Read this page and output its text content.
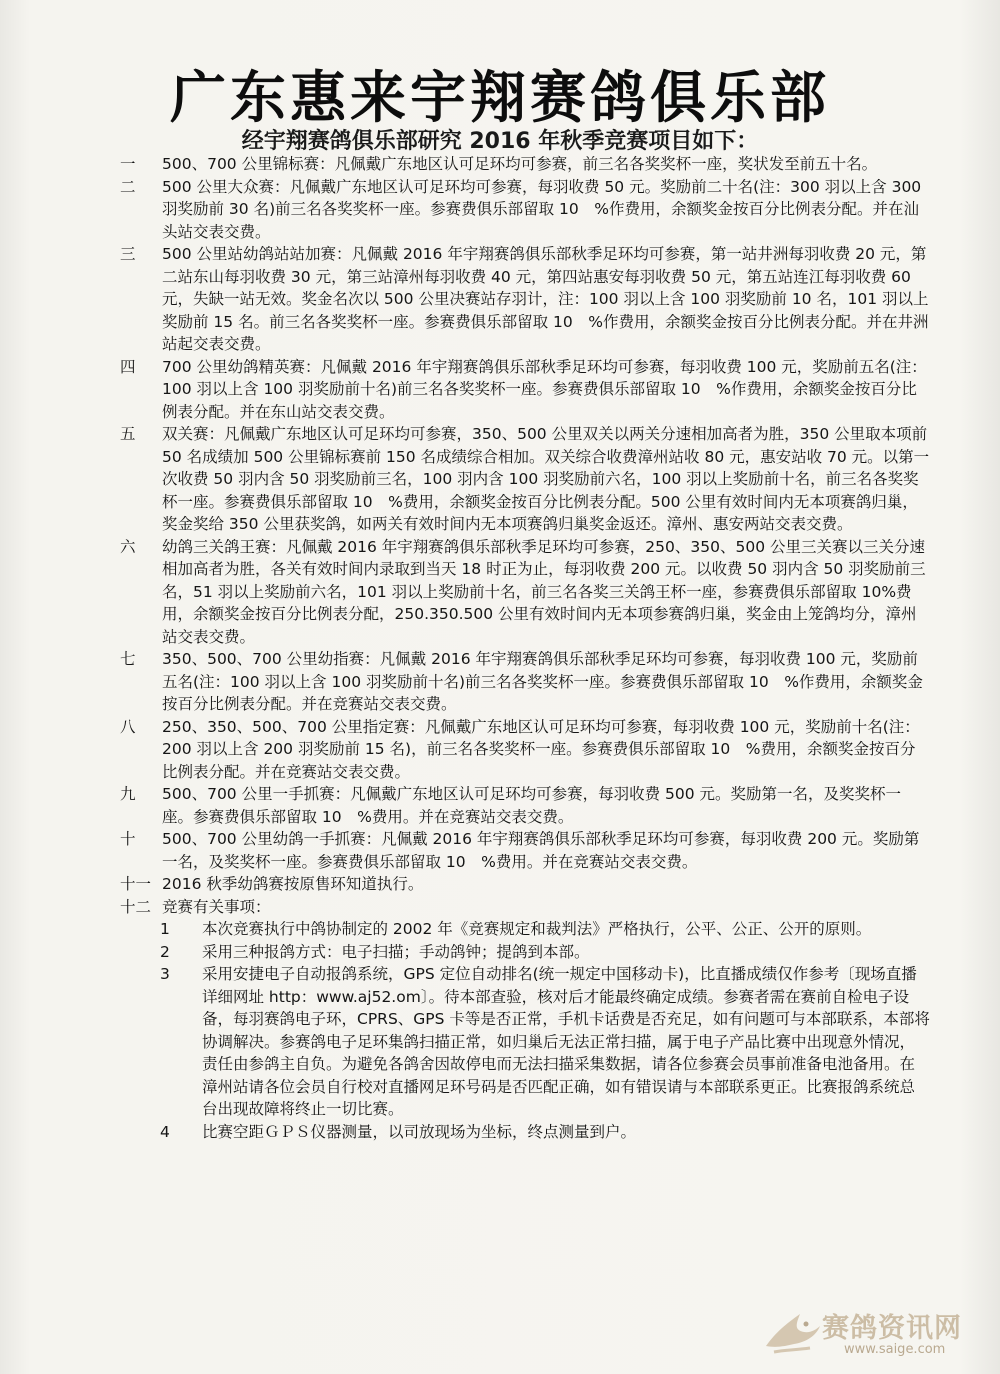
广东惠来宇翔赛鸽俱乐部
经宇翔赛鸽俱乐部研究 2016 年秋季竞赛项目如下：
一 500、700 公里锦标赛：凡佩戴广东地区认可足环均可参赛，前三名各奖奖杯一座，奖状发至前五十名。
二 500 公里大众赛：凡佩戴广东地区认可足环均可参赛，每羽收费 50 元。奖励前二十名(注：300 羽以上含 300 羽奖励前 30 名)前三名各奖奖杯一座。参赛费俱乐部留取 10　%作费用，余额奖金按百分比例表分配。并在汕头站交表交费。
三 500 公里站幼鸽站站加赛：凡佩戴 2016 年宇翔赛鸽俱乐部秋季足环均可参赛，第一站井洲每羽收费 20 元，第二站东山每羽收费 30 元，第三站漳州每羽收费 40 元，第四站惠安每羽收费 50 元，第五站连江每羽收费 60 元，失缺一站无效。奖金名次以 500 公里决赛站存羽计，注：100 羽以上含 100 羽奖励前 10 名，101 羽以上奖励前 15 名。前三名各奖奖杯一座。参赛费俱乐部留取 10　%作费用，余额奖金按百分比例表分配。并在井洲站起交表交费。
四 700 公里幼鸽精英赛：凡佩戴 2016 年宇翔赛鸽俱乐部秋季足环均可参赛，每羽收费 100 元，奖励前五名(注：100 羽以上含 100 羽奖励前十名)前三名各奖奖杯一座。参赛费俱乐部留取 10　%作费用，余额奖金按百分比例表分配。并在东山站交表交费。
五 双关赛：凡佩戴广东地区认可足环均可参赛，350、500 公里双关以两关分速相加高者为胜，350 公里取本项前 50 名成绩加 500 公里锦标赛前 150 名成绩综合相加。双关综合收费漳州站收 80 元，惠安站收 70 元。以第一次收费 50 羽内含 50 羽奖励前三名，100 羽内含 100 羽奖励前六名，100 羽以上奖励前十名，前三名各奖奖杯一座。参赛费俱乐部留取 10　%费用，余额奖金按百分比例表分配。500 公里有效时间内无本项赛鸽归巢，奖金奖给 350 公里获奖鸽，如两关有效时间内无本项赛鸽归巢奖金返还。漳州、惠安两站交表交费。
六 幼鸽三关鸽王赛：凡佩戴 2016 年宇翔赛鸽俱乐部秋季足环均可参赛，250、350、500 公里三关赛以三关分速相加高者为胜，各关有效时间内录取到当天 18 时正为止，每羽收费 200 元。以收费 50 羽内含 50 羽奖励前三名，51 羽以上奖励前六名，101 羽以上奖励前十名，前三名各奖三关鸽王杯一座，参赛费俱乐部留取 10%费用，余额奖金按百分比例表分配，250.350.500 公里有效时间内无本项参赛鸽归巢，奖金由上笼鸽均分，漳州站交表交费。
七 350、500、700 公里幼指赛：凡佩戴 2016 年宇翔赛鸽俱乐部秋季足环均可参赛，每羽收费 100 元，奖励前五名(注：100 羽以上含 100 羽奖励前十名)前三名各奖奖杯一座。参赛费俱乐部留取 10　%作费用，余额奖金按百分比例表分配。并在竞赛站交表交费。
八 250、350、500、700 公里指定赛：凡佩戴广东地区认可足环均可参赛，每羽收费 100 元，奖励前十名(注：200 羽以上含 200 羽奖励前 15 名)，前三名各奖奖杯一座。参赛费俱乐部留取 10　%费用，余额奖金按百分比例表分配。并在竞赛站交表交费。
九 500、700 公里一手抓赛：凡佩戴广东地区认可足环均可参赛，每羽收费 500 元。奖励第一名，及奖奖杯一座。参赛费俱乐部留取 10　%费用。并在竞赛站交表交费。
十 500、700 公里幼鸽一手抓赛：凡佩戴 2016 年宇翔赛鸽俱乐部秋季足环均可参赛，每羽收费 200 元。奖励第一名，及奖奖杯一座。参赛费俱乐部留取 10　%费用。并在竞赛站交表交费。
十一 2016 秋季幼鸽赛按原售环知道执行。
十二 竞赛有关事项：
1 本次竞赛执行中鸽协制定的 2002 年《竞赛规定和裁判法》严格执行，公平、公正、公开的原则。
2 采用三种报鸽方式：电子扫描；手动鸽钟；提鸽到本部。
3 采用安捷电子自动报鸽系统，GPS 定位自动排名(统一规定中国移动卡)，比直播成绩仅作参考〔现场直播详细网址 http：www.aj52.om〕。待本部查验，核对后才能最终确定成绩。参赛者需在赛前自检电子设备，每羽赛鸽电子环，CPRS、GPS 卡等是否正常，手机卡话费是否充足，如有问题可与本部联系，本部将协调解决。参赛鸽电子足环集鸽扫描正常，如归巢后无法正常扫描，属于电子产品比赛中出现意外情况，责任由参鸽主自负。为避免各鸽舍因故停电而无法扫描采集数据，请各位参赛会员事前准备电池备用。在漳州站请各位会员自行校对直播网足环号码是否匹配正确，如有错误请与本部联系更正。比赛报鸽系统总台出现故障将终止一切比赛。
4 比赛空距ＧＰＳ仪器测量，以司放现场为坐标，终点测量到户。
赛鸽资讯网
www.saige.com
